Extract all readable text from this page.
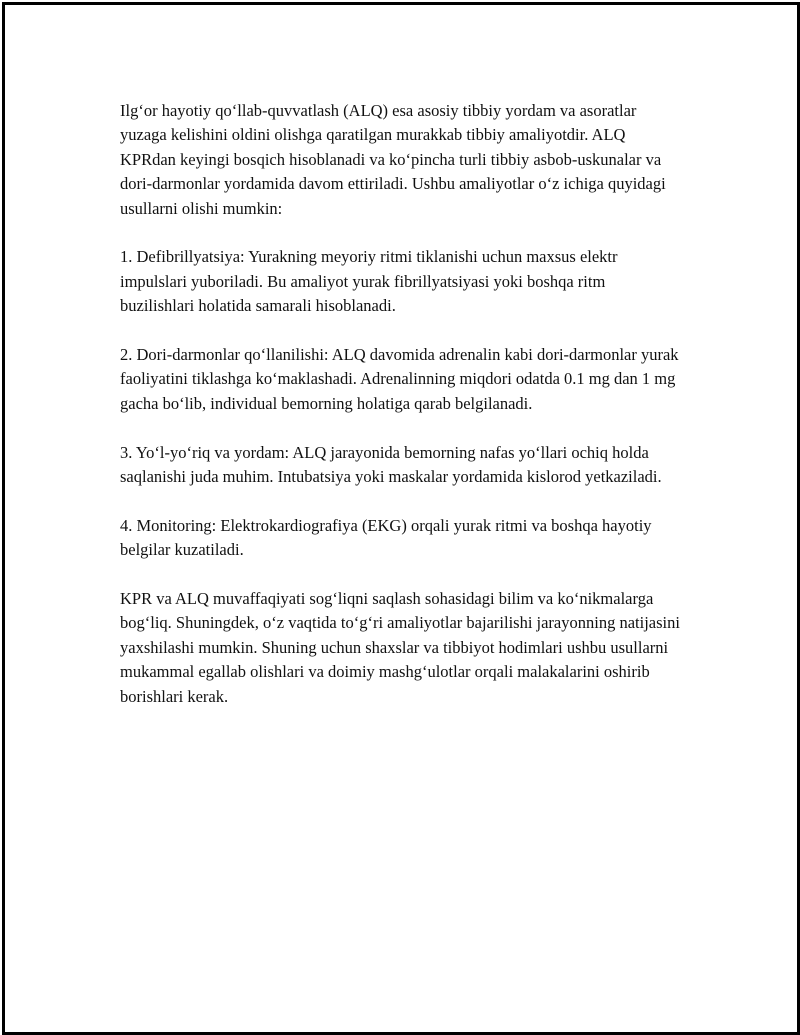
Ilg‘or hayotiy qo‘llab-quvvatlash (ALQ) esa asosiy tibbiy yordam va asoratlar yuzaga kelishini oldini olishga qaratilgan murakkab tibbiy amaliyotdir. ALQ KPRdan keyingi bosqich hisoblanadi va ko‘pincha turli tibbiy asbob-uskunalar va dori-darmonlar yordamida davom ettiriladi. Ushbu amaliyotlar o‘z ichiga quyidagi usullarni olishi mumkin:

1. Defibrillyatsiya: Yurakning meyoriy ritmi tiklanishi uchun maxsus elektr impulslari yuboriladi. Bu amaliyot yurak fibrillyatsiyasi yoki boshqa ritm buzilishlari holatida samarali hisoblanadi.

2. Dori-darmonlar qo‘llanilishi: ALQ davomida adrenalin kabi dori-darmonlar yurak faoliyatini tiklashga ko‘maklashadi. Adrenalinning miqdori odatda 0.1 mg dan 1 mg gacha bo‘lib, individual bemorning holatiga qarab belgilanadi.

3. Yo‘l-yo‘riq va yordam: ALQ jarayonida bemorning nafas yo‘llari ochiq holda saqlanishi juda muhim. Intubatsiya yoki maskalar yordamida kislorod yetkaziladi.

4. Monitoring: Elektrokardiografiya (EKG) orqali yurak ritmi va boshqa hayotiy belgilar kuzatiladi.

KPR va ALQ muvaffaqiyati sog‘liqni saqlash sohasidagi bilim va ko‘nikmalarga bog‘liq. Shuningdek, o‘z vaqtida to‘g‘ri amaliyotlar bajarilishi jarayonning natijasini yaxshilashi mumkin. Shuning uchun shaxslar va tibbiyot hodimlari ushbu usullarni mukammal egallab olishlari va doimiy mashg‘ulotlar orqali malakalarini oshirib borishlari kerak.
